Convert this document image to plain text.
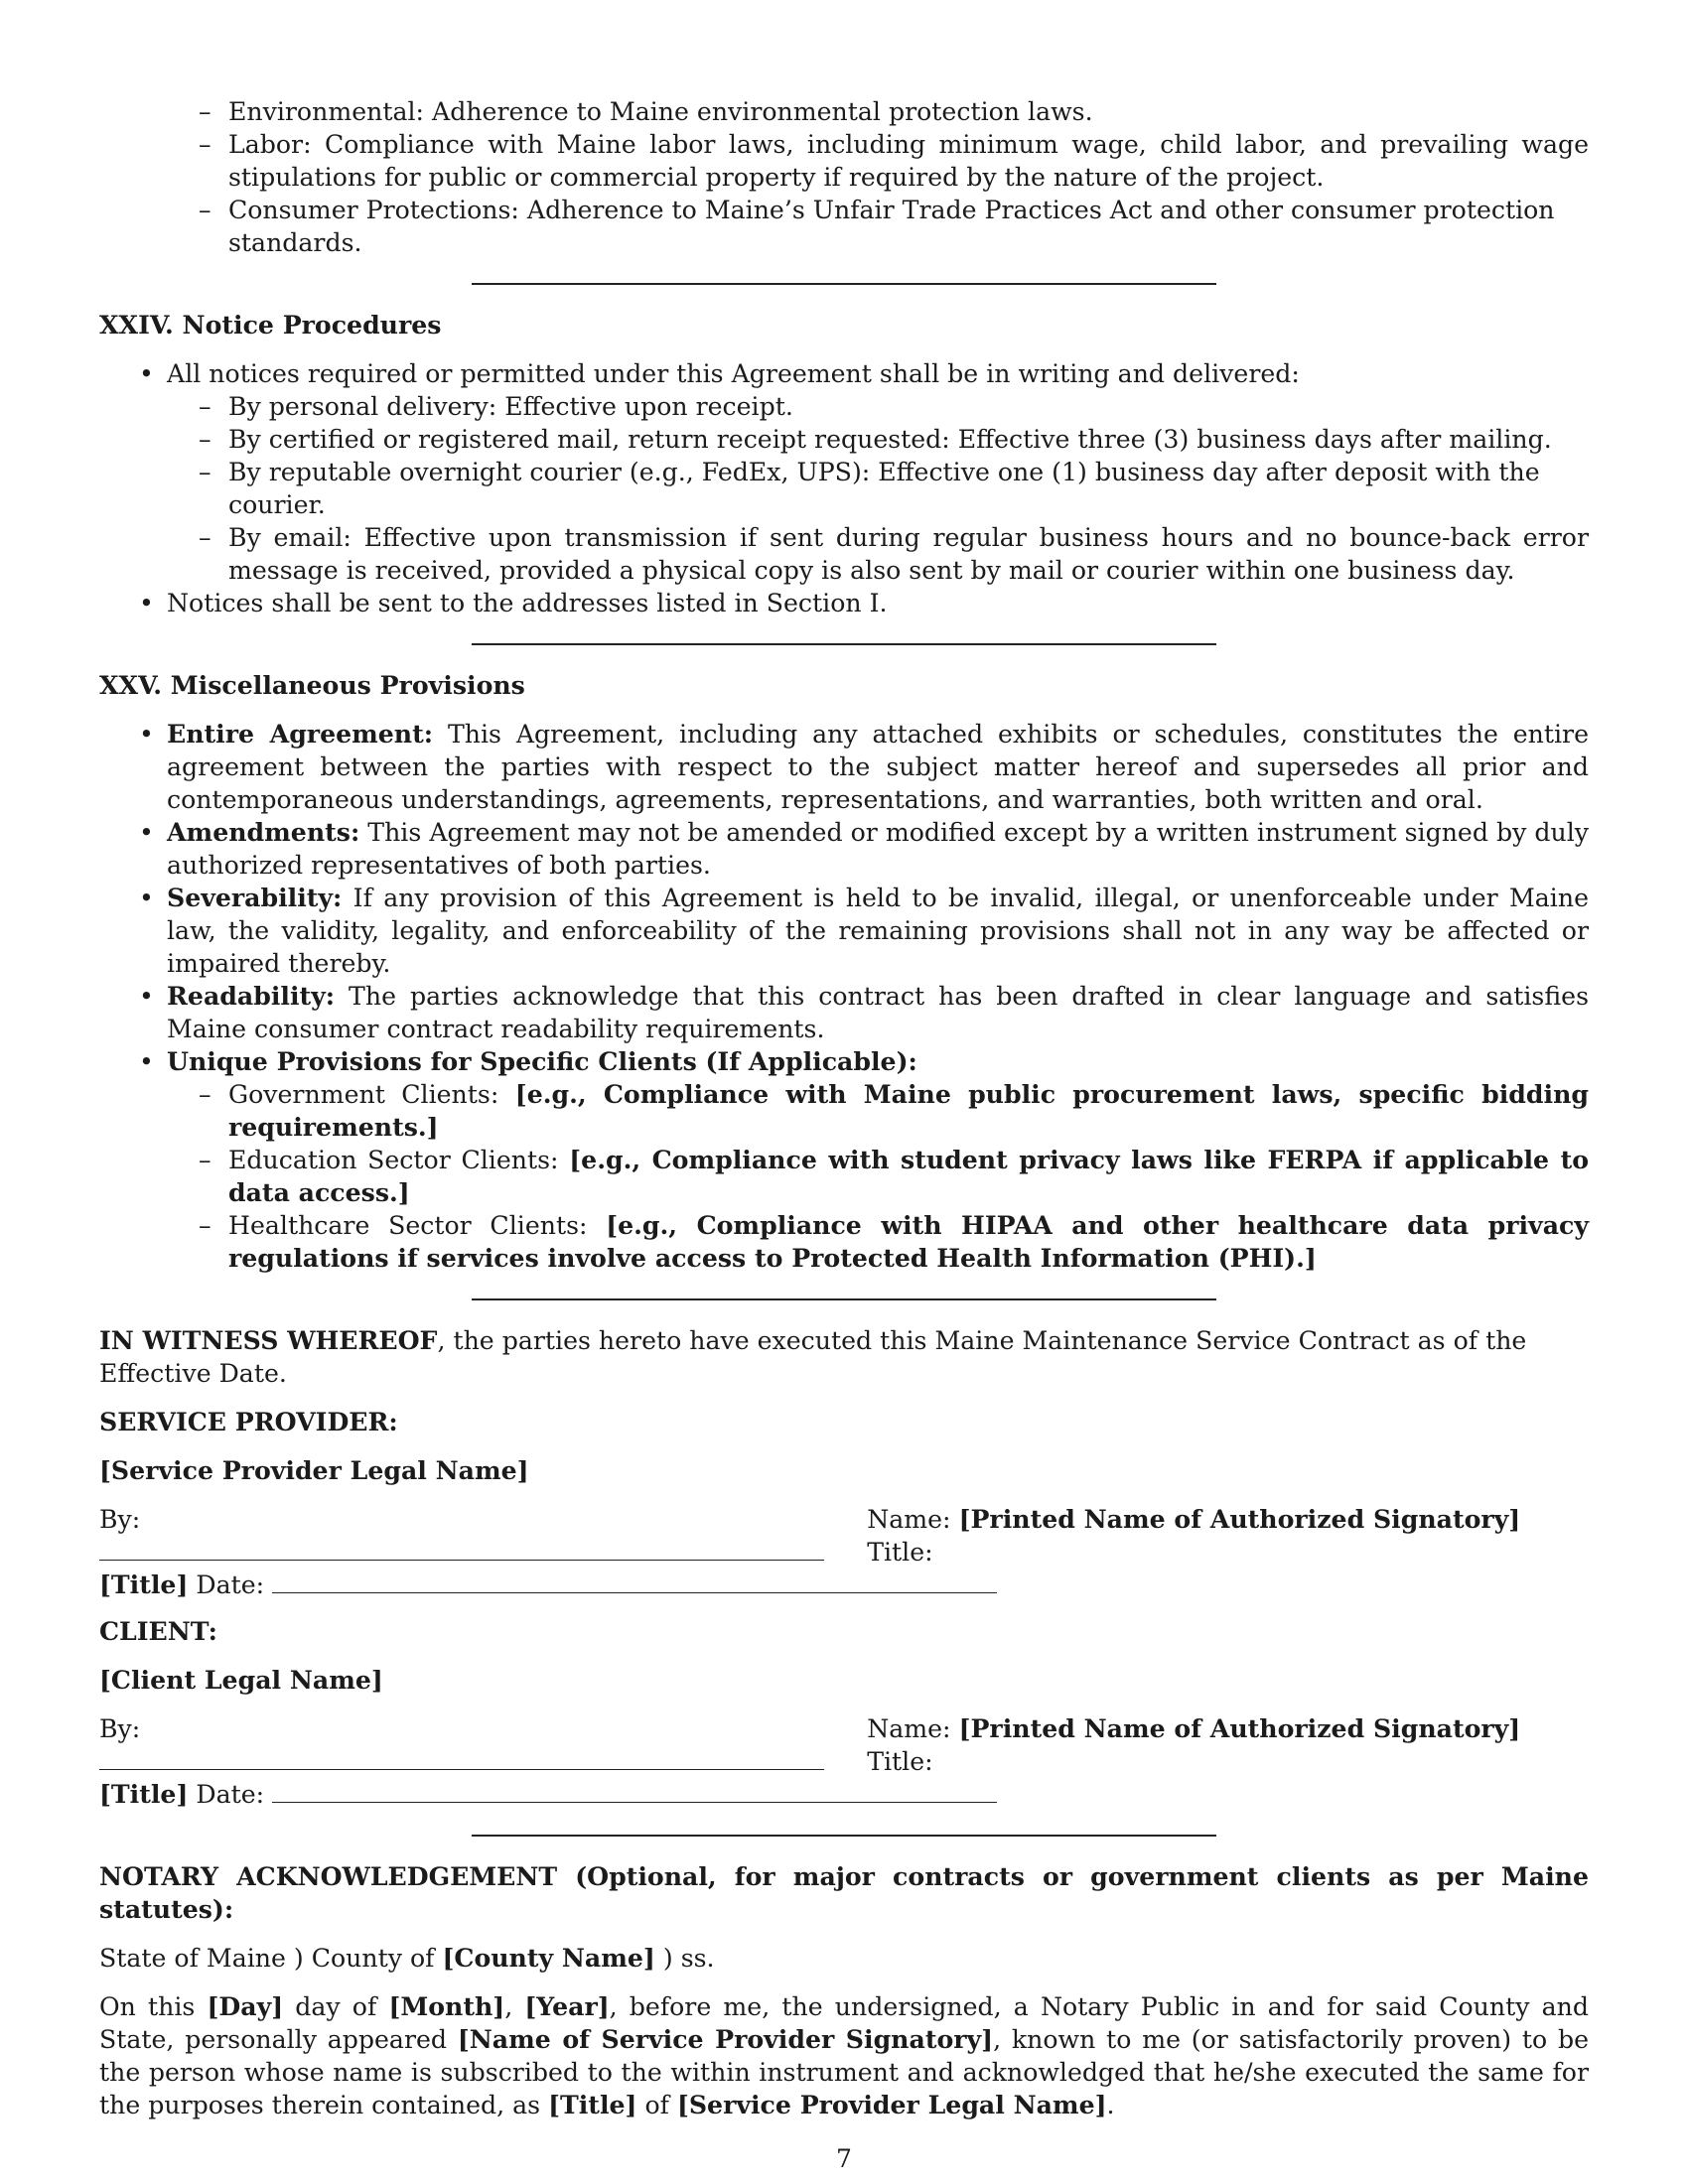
– Environmental: Adherence to Maine environmental protection laws.
– Labor: Compliance with Maine labor laws, including minimum wage, child labor, and prevailing wage stipulations for public or commercial property if required by the nature of the project.
– Consumer Protections: Adherence to Maine’s Unfair Trade Practices Act and other consumer protection standards.
XXIV. Notice Procedures
• All notices required or permitted under this Agreement shall be in writing and delivered:
– By personal delivery: Effective upon receipt.
– By certified or registered mail, return receipt requested: Effective three (3) business days after mailing.
– By reputable overnight courier (e.g., FedEx, UPS): Effective one (1) business day after deposit with the courier.
– By email: Effective upon transmission if sent during regular business hours and no bounce-back error message is received, provided a physical copy is also sent by mail or courier within one business day.
• Notices shall be sent to the addresses listed in Section I.
XXV. Miscellaneous Provisions
• Entire Agreement: This Agreement, including any attached exhibits or schedules, constitutes the entire agreement between the parties with respect to the subject matter hereof and supersedes all prior and contemporaneous understandings, agreements, representations, and warranties, both written and oral.
• Amendments: This Agreement may not be amended or modified except by a written instrument signed by duly authorized representatives of both parties.
• Severability: If any provision of this Agreement is held to be invalid, illegal, or unenforceable under Maine law, the validity, legality, and enforceability of the remaining provisions shall not in any way be affected or impaired thereby.
• Readability: The parties acknowledge that this contract has been drafted in clear language and satisfies Maine consumer contract readability requirements.
• Unique Provisions for Specific Clients (If Applicable):
– Government Clients: [e.g., Compliance with Maine public procurement laws, specific bidding requirements.]
– Education Sector Clients: [e.g., Compliance with student privacy laws like FERPA if applicable to data access.]
– Healthcare Sector Clients: [e.g., Compliance with HIPAA and other healthcare data privacy regulations if services involve access to Protected Health Information (PHI).]
IN WITNESS WHEREOF, the parties hereto have executed this Maine Maintenance Service Contract as of the Effective Date.
SERVICE PROVIDER:
[Service Provider Legal Name]
By:	Name: [Printed Name of Authorized Signatory] Title:
[Title] Date:
CLIENT:
[Client Legal Name]
By:	Name: [Printed Name of Authorized Signatory] Title:
[Title] Date:
NOTARY ACKNOWLEDGEMENT (Optional, for major contracts or government clients as per Maine statutes):
State of Maine ) County of [County Name] ) ss.
On this [Day] day of [Month], [Year], before me, the undersigned, a Notary Public in and for said County and State, personally appeared [Name of Service Provider Signatory], known to me (or satisfactorily proven) to be the person whose name is subscribed to the within instrument and acknowledged that he/she executed the same for the purposes therein contained, as [Title] of [Service Provider Legal Name].
7
